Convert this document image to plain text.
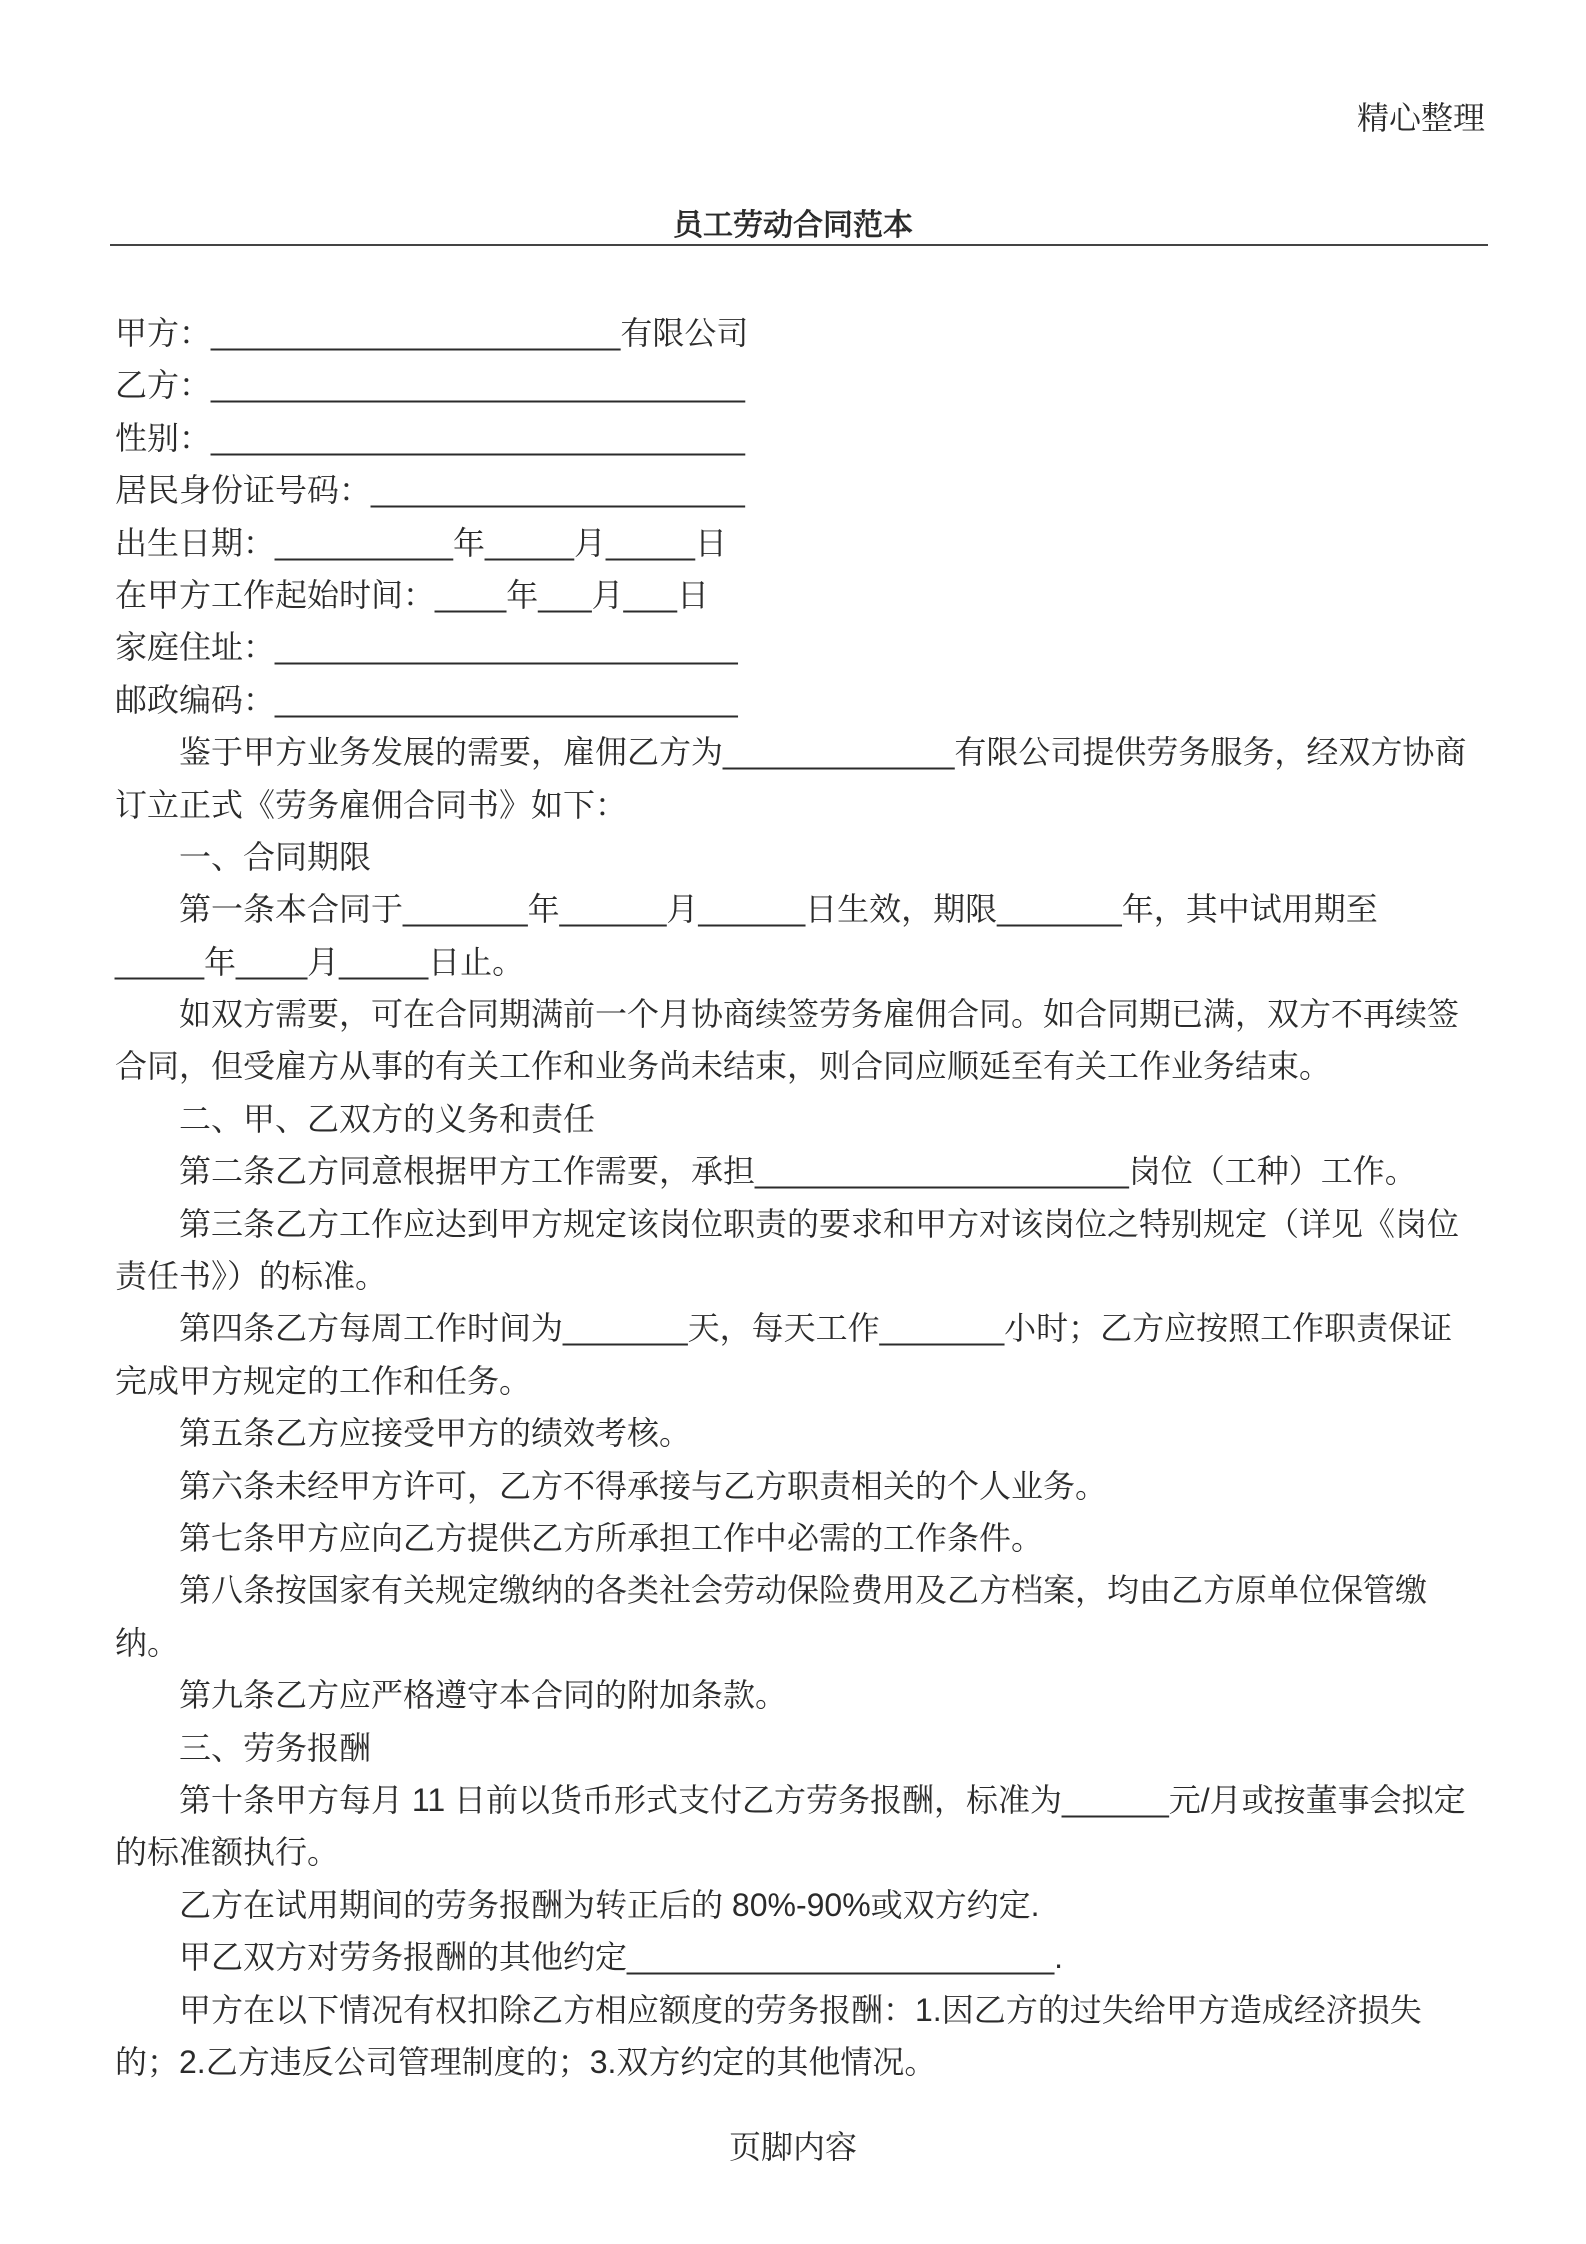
精心整理
员工劳动合同范本
甲方：_______________________有限公司
乙方：______________________________
性别：______________________________
居民身份证号码：_____________________
出生日期：__________年_____月_____日
在甲方工作起始时间：____年___月___日
家庭住址：__________________________
邮政编码：__________________________
鉴于甲方业务发展的需要，雇佣乙方为_____________有限公司提供劳务服务，经双方协商
订立正式《劳务雇佣合同书》如下：
一、合同期限
第一条本合同于_______年______月______日生效，期限_______年，其中试用期至
_____年____月_____日止。
如双方需要，可在合同期满前一个月协商续签劳务雇佣合同。如合同期已满，双方不再续签
合同，但受雇方从事的有关工作和业务尚未结束，则合同应顺延至有关工作业务结束。
二、甲、乙双方的义务和责任
第二条乙方同意根据甲方工作需要，承担_____________________岗位（工种）工作。
第三条乙方工作应达到甲方规定该岗位职责的要求和甲方对该岗位之特别规定（详见《岗位
责任书》）的标准。
第四条乙方每周工作时间为_______天，每天工作_______小时；乙方应按照工作职责保证
完成甲方规定的工作和任务。
第五条乙方应接受甲方的绩效考核。
第六条未经甲方许可，乙方不得承接与乙方职责相关的个人业务。
第七条甲方应向乙方提供乙方所承担工作中必需的工作条件。
第八条按国家有关规定缴纳的各类社会劳动保险费用及乙方档案，均由乙方原单位保管缴
纳。
第九条乙方应严格遵守本合同的附加条款。
三、劳务报酬
第十条甲方每月 11 日前以货币形式支付乙方劳务报酬，标准为______元/月或按董事会拟定
的标准额执行。
乙方在试用期间的劳务报酬为转正后的 80%-90%或双方约定.
甲乙双方对劳务报酬的其他约定________________________.
甲方在以下情况有权扣除乙方相应额度的劳务报酬：1.因乙方的过失给甲方造成经济损失
的；2.乙方违反公司管理制度的；3.双方约定的其他情况。
页脚内容
